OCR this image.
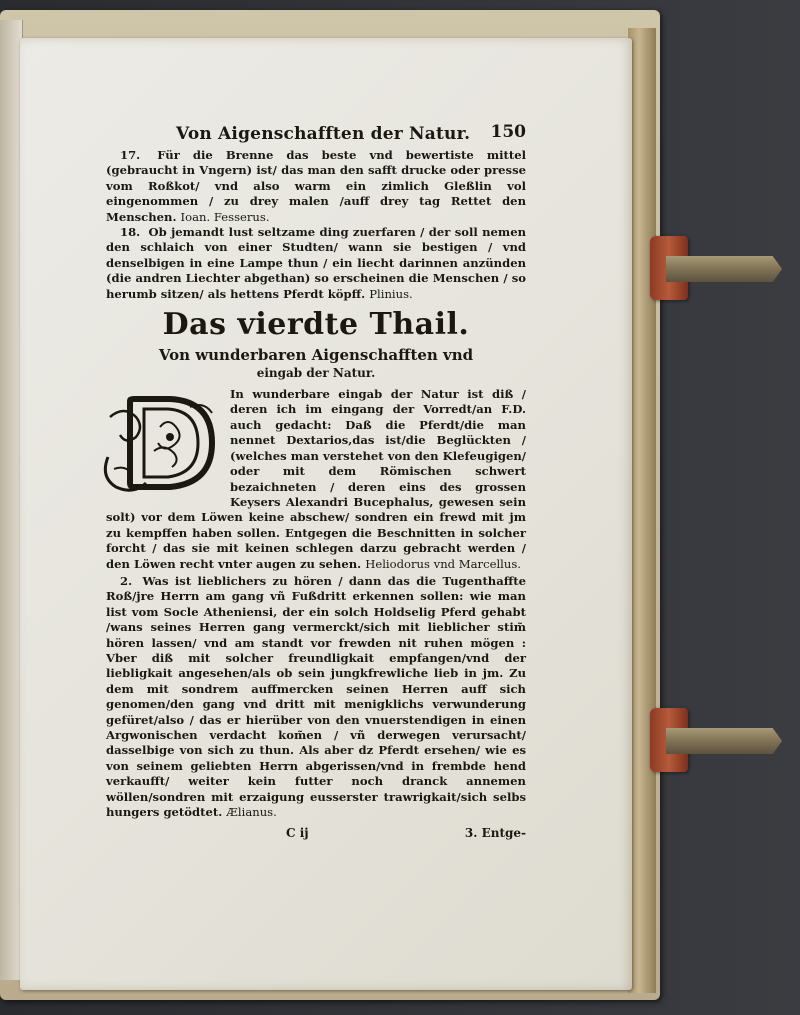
Von Aigenschafften der Natur. 150

17. Für die Brenne das beste vnd bewertiste mittel (gebraucht in Vngern) ist/ das man den safft drucke oder presse vom Roßkot/ vnd also warm ein zimlich Gleßlin vol eingenommen / zu drey malen /auff drey tag Rettet den Menschen. Ioan. Fesserus.

18. Ob jemandt lust seltzame ding zuerfaren / der soll nemen den schlaich von einer Studten/ wann sie bestigen / vnd denselbigen in eine Lampe thun / ein liecht darinnen anzünden (die andren Liechter abgethan) so erscheinen die Menschen / so herumb sitzen/ als hettens Pferdt köpff. Plinius.

Das vierdte Thail.
Von wunderbaren Aigenschafften vnd
eingab der Natur.

In wunderbare eingab der Natur ist diß / deren ich im eingang der Vorredt/an F.D. auch gedacht: Daß die Pferdt/die man nennet Dextarios,das ist/die Beglückten / (welches man verstehet von den Klefeugigen/ oder mit dem Römischen schwert bezaichneten / deren eins des grossen Keysers Alexandri Bucephalus, gewesen sein solt) vor dem Löwen keine abschew/ sondren ein frewd mit jm zu kempffen haben sollen. Entgegen die Beschnitten in solcher forcht / das sie mit keinen schlegen darzu gebracht werden / den Löwen recht vnter augen zu sehen. Heliodorus vnd Marcellus.

2. Was ist lieblichers zu hören / dann das die Tugenthaffte Roß/jre Herrn am gang vñ Fußdritt erkennen sollen: wie man list vom Socle Atheniensi, der ein solch Holdselig Pferd gehabt /wans seines Herren gang vermerckt/sich mit lieblicher stim̃ hören lassen/ vnd am standt vor frewden nit ruhen mögen : Vber diß mit solcher freundligkait empfangen/vnd der liebligkait angesehen/als ob sein jungkfrewliche lieb in jm. Zu dem mit sondrem auffmercken seinen Herren auff sich genomen/den gang vnd dritt mit menigklichs verwunderung gefüret/also / das er hierüber von den vnuerstendigen in einen Argwonischen verdacht kom̃en / vñ derwegen verursacht/ dasselbige von sich zu thun. Als aber dz Pferdt ersehen/ wie es von seinem geliebten Herrn abgerissen/vnd in frembde hend verkaufft/ weiter kein futter noch dranck annemen wöllen/sondren mit erzaigung eusserster trawrigkait/sich selbs hungers getödtet. Ælianus.

C ij	3. Entge-
